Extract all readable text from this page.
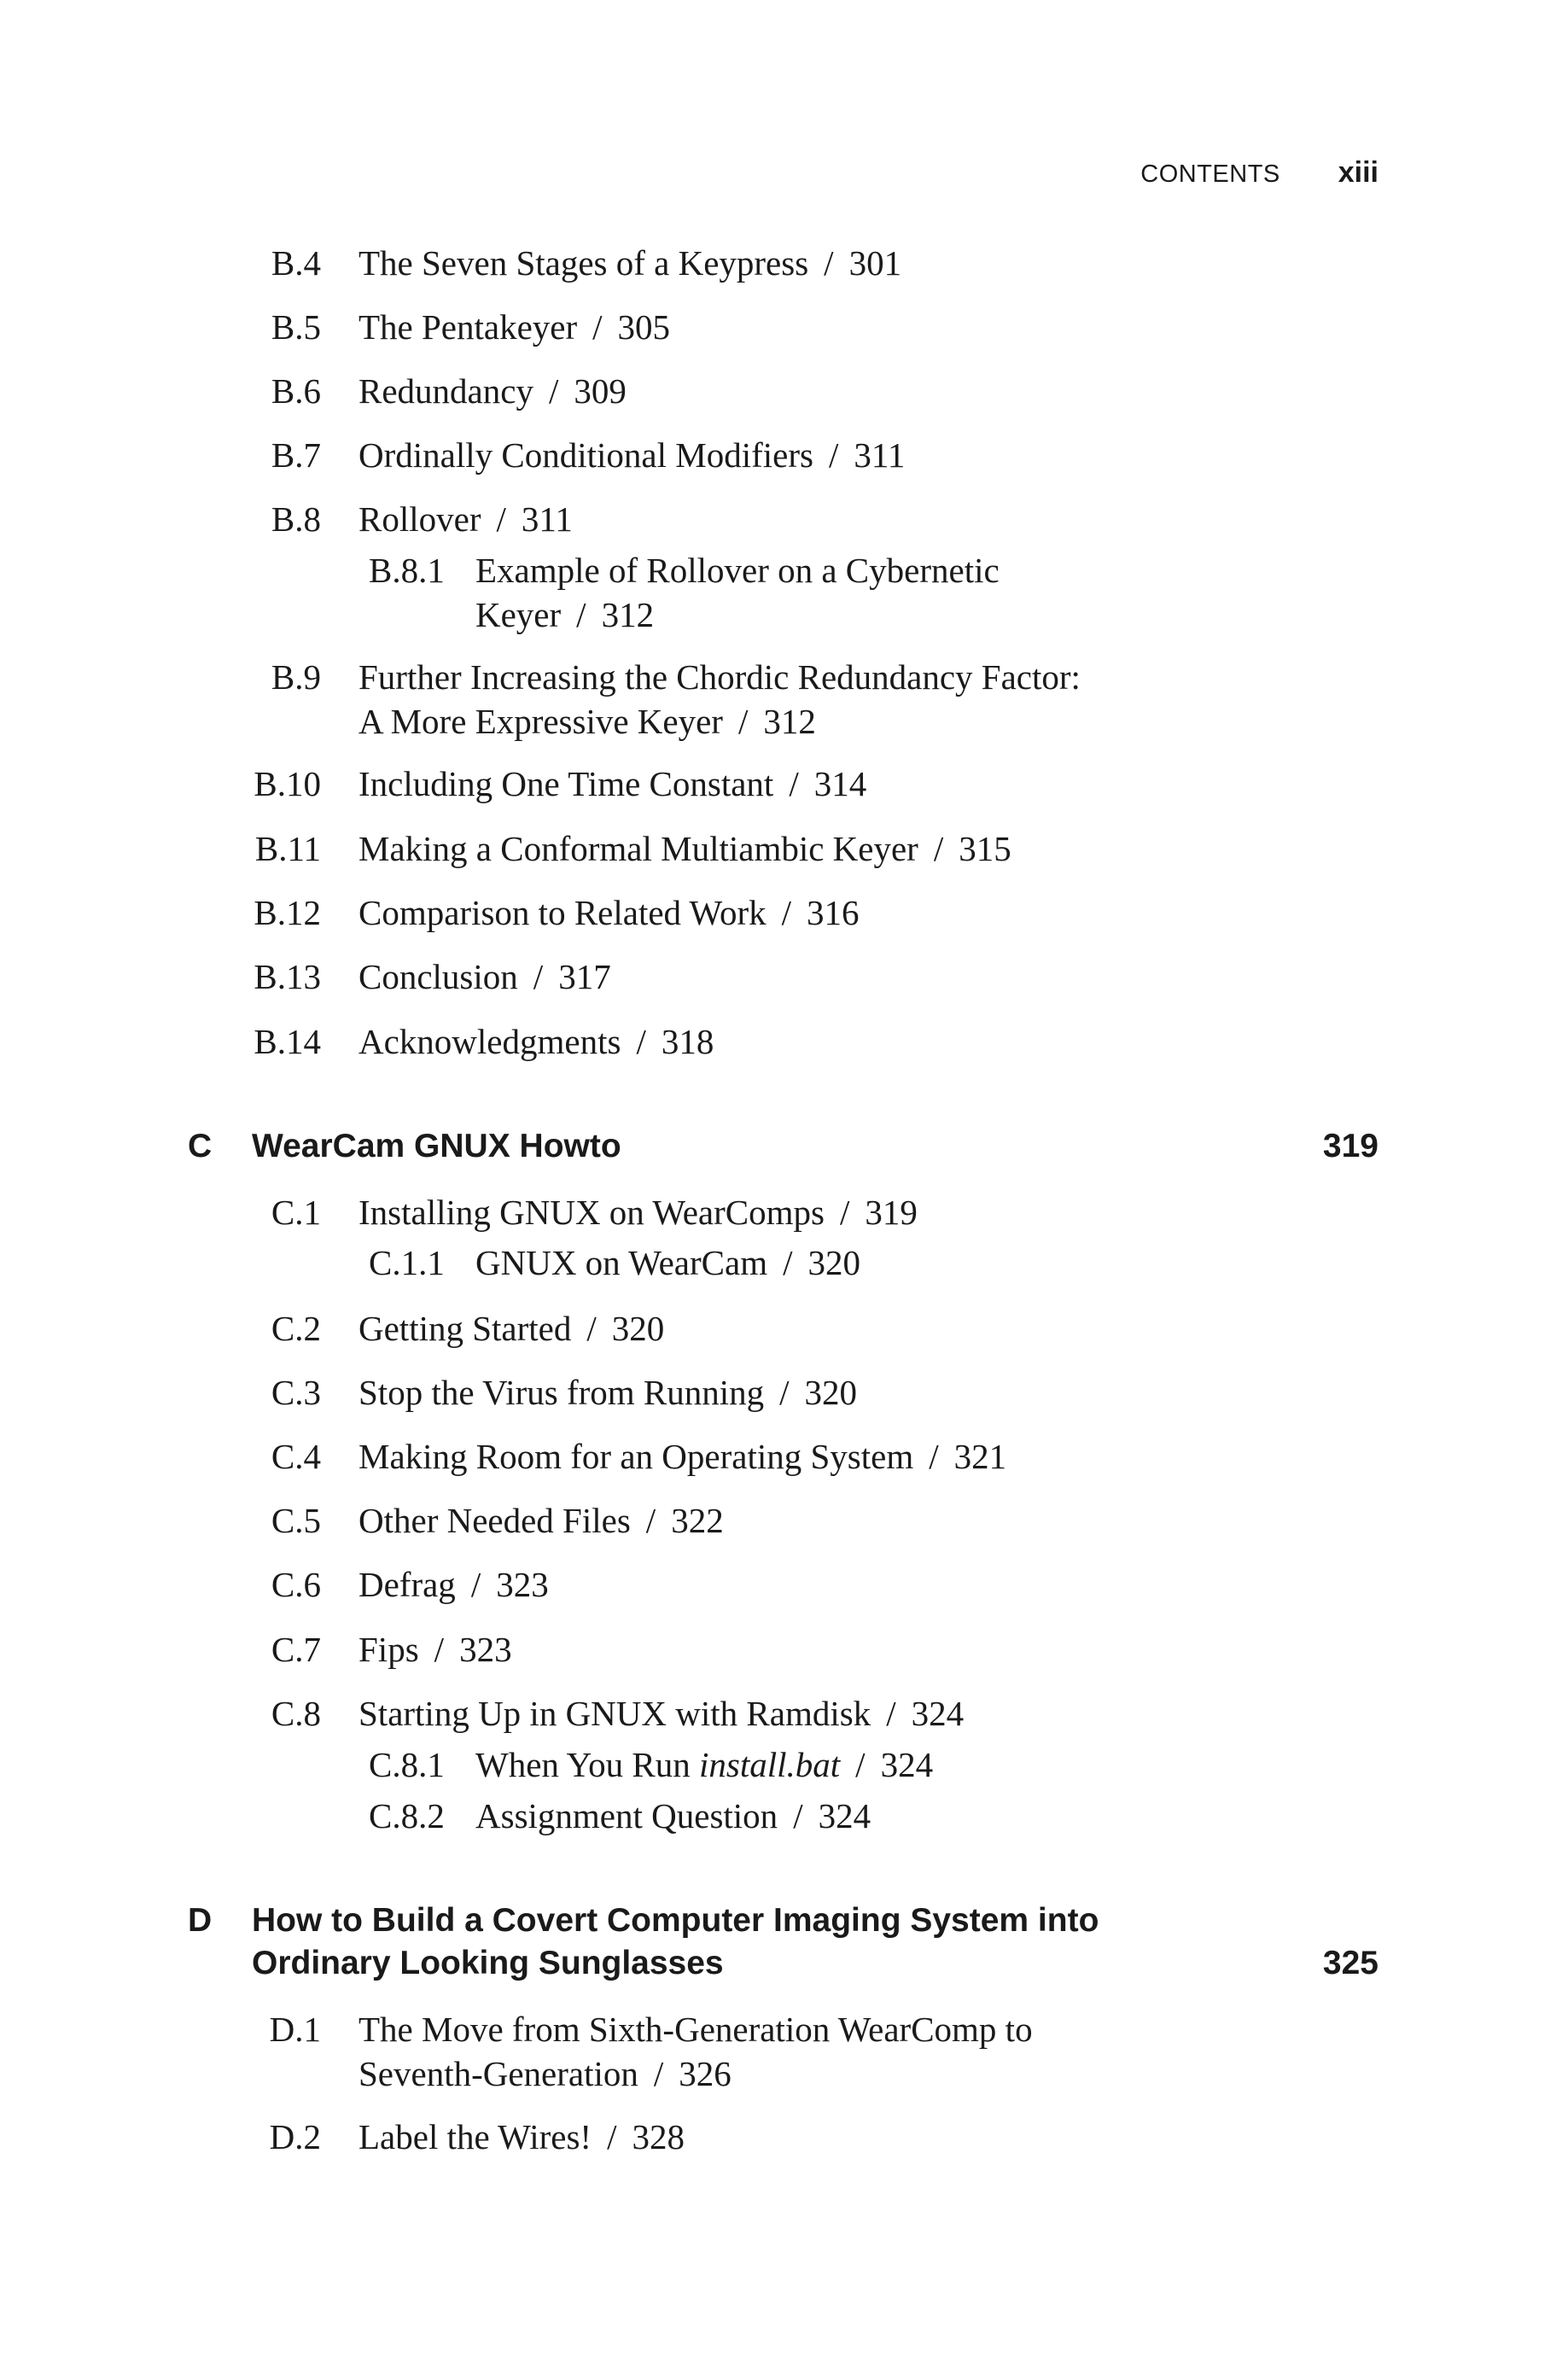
CONTENTS xiii
B.4 The Seven Stages of a Keypress / 301
B.5 The Pentakeyer / 305
B.6 Redundancy / 309
B.7 Ordinally Conditional Modifiers / 311
B.8 Rollover / 311
B.8.1 Example of Rollover on a Cybernetic
Keyer / 312
B.9 Further Increasing the Chordic Redundancy Factor:
A More Expressive Keyer / 312
B.10 Including One Time Constant / 314
B.11 Making a Conformal Multiambic Keyer / 315
B.12 Comparison to Related Work / 316
B.13 Conclusion / 317
B.14 Acknowledgments / 318
C WearCam GNUX Howto	319
C.1 Installing GNUX on WearComps / 319
C.1.1 GNUX on WearCam / 320
C.2 Getting Started / 320
C.3 Stop the Virus from Running / 320
C.4 Making Room for an Operating System / 321
C.5 Other Needed Files / 322
C.6 Defrag / 323
C.7 Fips / 323
C.8 Starting Up in GNUX with Ramdisk / 324
C.8.1 When You Run install.bat / 324
C.8.2 Assignment Question / 324
D How to Build a Covert Computer Imaging System into
Ordinary Looking Sunglasses	325
D.1 The Move from Sixth-Generation WearComp to
Seventh-Generation / 326
D.2 Label the Wires! / 328
